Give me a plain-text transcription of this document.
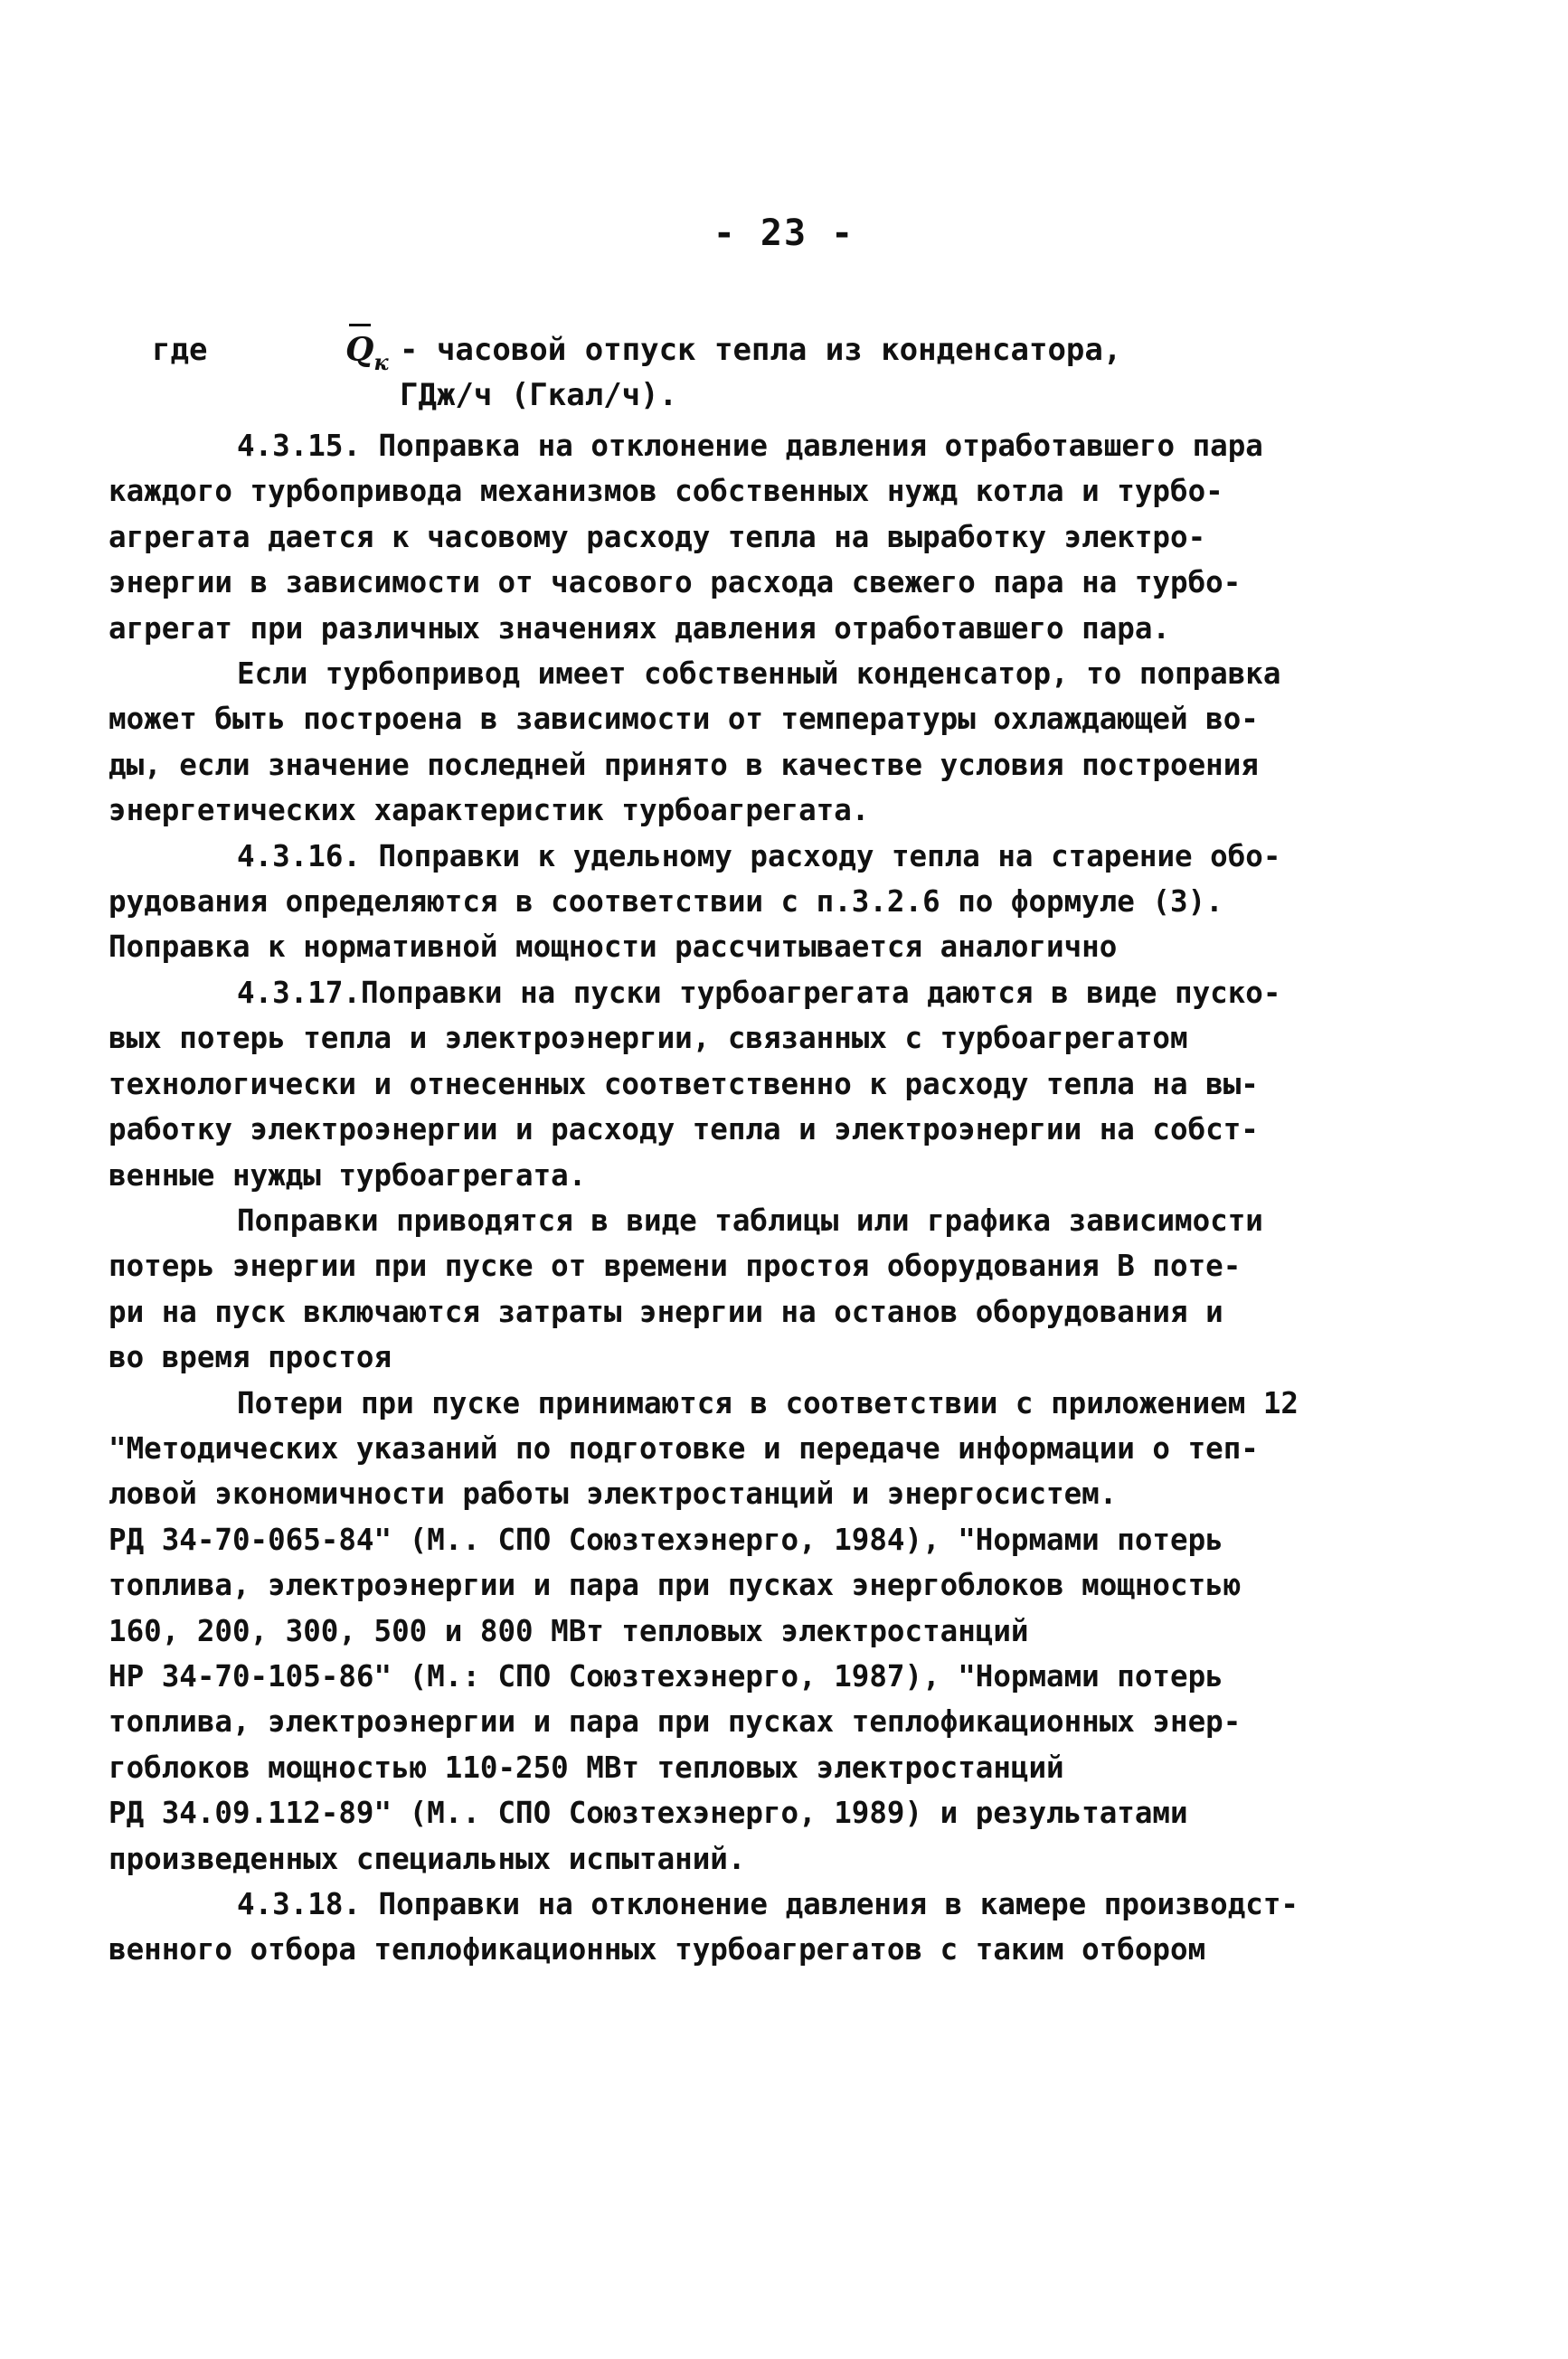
- 23 -
где	$Q_к$ - часовой отпуск тепла из конденсатора,
ГДж/ч (Гкал/ч).
4.3.15. Поправка на отклонение давления отработавшего пара
каждого турбопривода механизмов собственных нужд котла и турбо-
агрегата дается к часовому расходу тепла на выработку электро-
энергии в зависимости от часового расхода свежего пара на турбо-
агрегат при различных значениях давления отработавшего пара.
Если турбопривод имеет собственный конденсатор, то поправка
может быть построена в зависимости от температуры охлаждающей во-
ды, если значение последней принято в качестве условия построения
энергетических характеристик турбоагрегата.
4.3.16. Поправки к удельному расходу тепла на старение обо-
рудования определяются в соответствии с п.3.2.6 по формуле (3).
Поправка к нормативной мощности рассчитывается аналогично
4.3.17.Поправки на пуски турбоагрегата даются в виде пуско-
вых потерь тепла и электроэнергии, связанных с турбоагрегатом
технологически и отнесенных соответственно к расходу тепла на вы-
работку электроэнергии и расходу тепла и электроэнергии на собст-
венные нужды турбоагрегата.
Поправки приводятся в виде таблицы или графика зависимости
потерь энергии при пуске от времени простоя оборудования В поте-
ри на пуск включаются затраты энергии на останов оборудования и
во время простоя
Потери при пуске принимаются в соответствии с приложением 12
"Методических указаний по подготовке и передаче информации о теп-
ловой экономичности работы электростанций и энергосистем.
РД 34-70-065-84" (М.. СПО Союзтехэнерго, 1984), "Нормами потерь
топлива, электроэнергии и пара при пусках энергоблоков мощностью
160, 200, 300, 500 и 800 МВт тепловых электростанций
НР 34-70-105-86" (М.: СПО Союзтехэнерго, 1987), "Нормами потерь
топлива, электроэнергии и пара при пусках теплофикационных энер-
гоблоков мощностью 110-250 МВт тепловых электростанций
РД 34.09.112-89" (М.. СПО Союзтехэнерго, 1989) и результатами
произведенных специальных испытаний.
4.3.18. Поправки на отклонение давления в камере производст-
венного отбора теплофикационных турбоагрегатов с таким отбором
